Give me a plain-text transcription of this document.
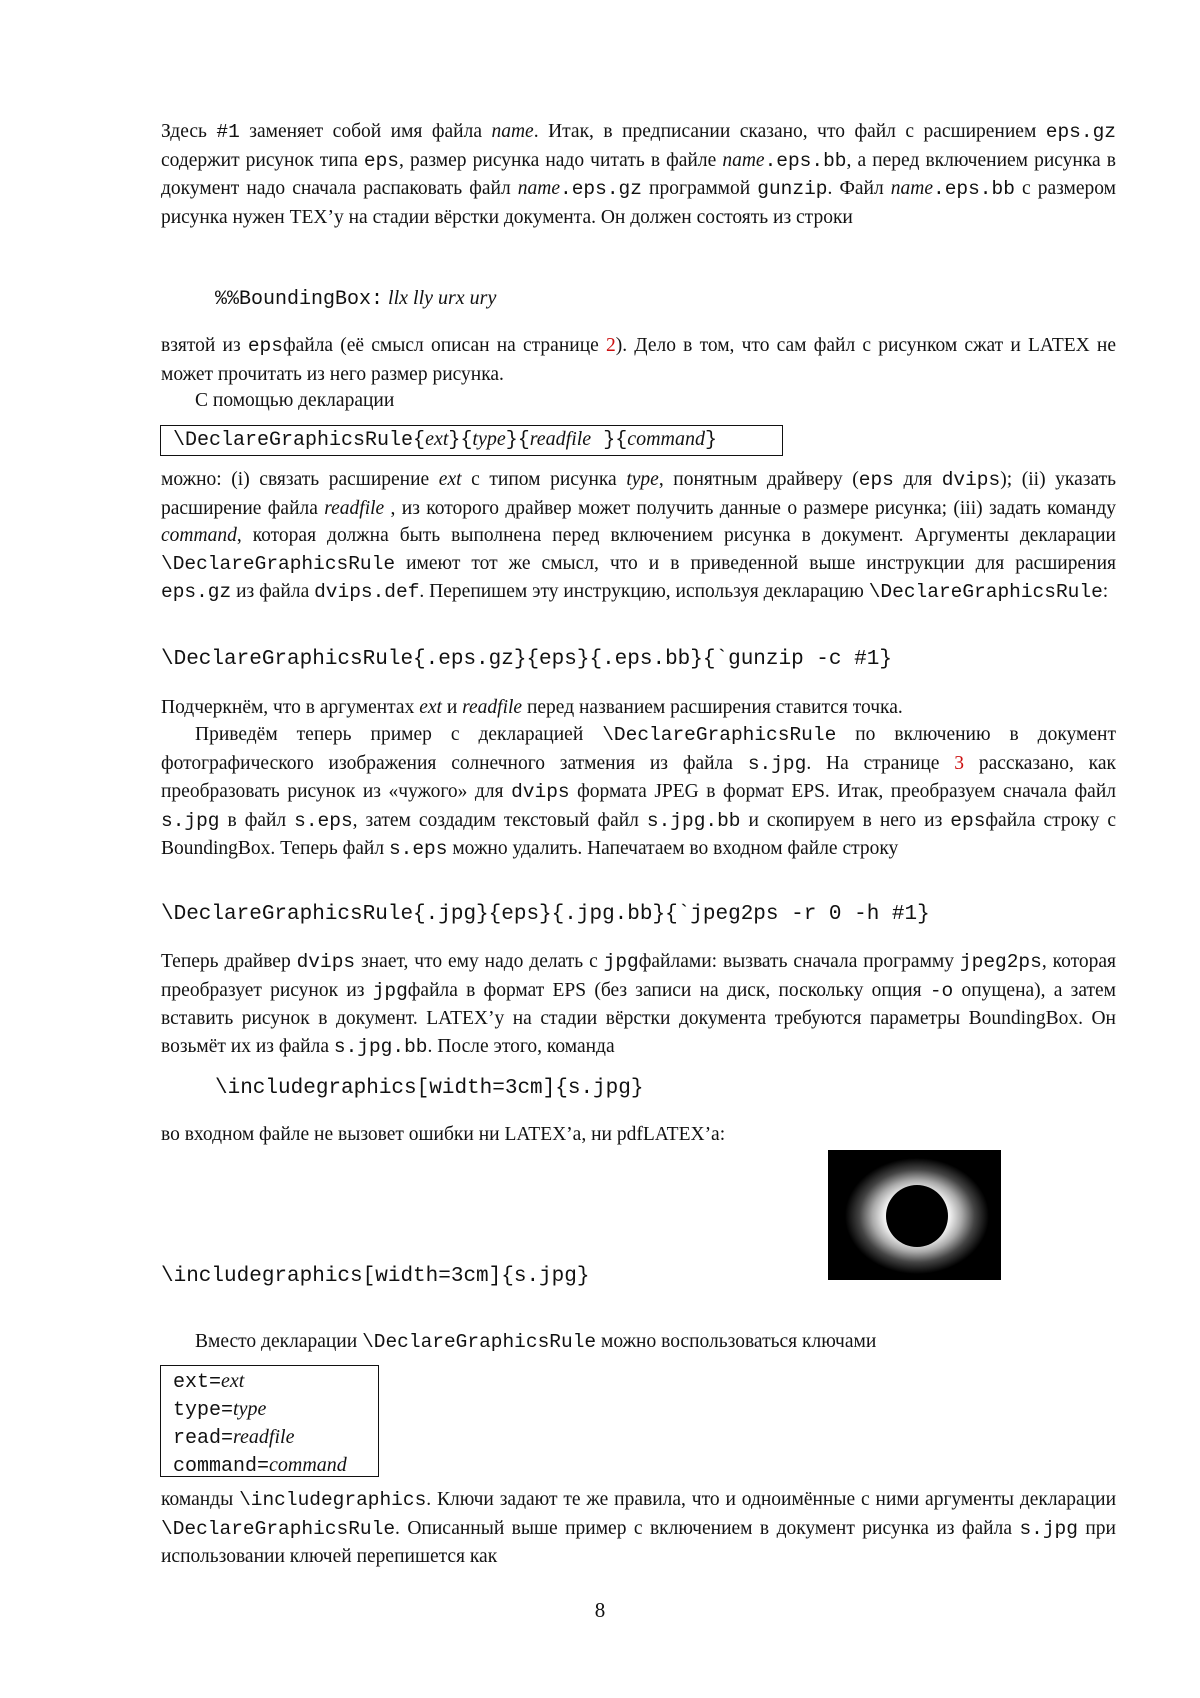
Здесь #1 заменяет собой имя файла name. Итак, в предписании сказано, что файл с расширением eps.gz содержит рисунок типа eps, размер рисунка надо читать в файле name.eps.bb, а перед включением рисунка в документ надо сначала распаковать файл name.eps.gz программой gunzip. Файл name.eps.bb с размером рисунка нужен TEX’у на стадии вёрстки документа. Он должен состоять из строки
%%BoundingBox: llx lly urx ury
взятой из epsфайла (её смысл описан на странице 2). Дело в том, что сам файл с рисунком сжат и LATEX не может прочитать из него размер рисунка.
С помощью декларации
\DeclareGraphicsRule{ext}{type}{readfile }{command}
можно: (i) связать расширение ext с типом рисунка type, понятным драйверу (eps для dvips); (ii) указать расширение файла readfile , из которого драйвер может получить данные о размере рисунка; (iii) задать команду command, которая должна быть выполнена перед включением рисунка в документ. Аргументы декларации \DeclareGraphicsRule имеют тот же смысл, что и в приведенной выше инструкции для расширения eps.gz из файла dvips.def. Перепишем эту инструкцию, используя декларацию \DeclareGraphicsRule:
\DeclareGraphicsRule{.eps.gz}{eps}{.eps.bb}{`gunzip -c #1}
Подчеркнём, что в аргументах ext и readfile перед названием расширения ставится точка.
Приведём теперь пример с декларацией \DeclareGraphicsRule по включению в документ фотографического изображения солнечного затмения из файла s.jpg. На странице 3 рассказано, как преобразовать рисунок из «чужого» для dvips формата JPEG в формат EPS. Итак, преобразуем сначала файл s.jpg в файл s.eps, затем создадим текстовый файл s.jpg.bb и скопируем в него из epsфайла строку с BoundingBox. Теперь файл s.eps можно удалить. Напечатаем во входном файле строку
\DeclareGraphicsRule{.jpg}{eps}{.jpg.bb}{`jpeg2ps -r 0 -h #1}
Теперь драйвер dvips знает, что ему надо делать с jpgфайлами: вызвать сначала программу jpeg2ps, которая преобразует рисунок из jpgфайла в формат EPS (без записи на диск, поскольку опция -o опущена), а затем вставить рисунок в документ. LATEX’у на стадии вёрстки документа требуются параметры BoundingBox. Он возьмёт их из файла s.jpg.bb. После этого, команда
\includegraphics[width=3cm]{s.jpg}
во входном файле не вызовет ошибки ни LATEX’а, ни pdfLATEX’а:
\includegraphics[width=3cm]{s.jpg}
Вместо декларации \DeclareGraphicsRule можно воспользоваться ключами
ext=ext
type=type
read=readfile
command=command
команды \includegraphics. Ключи задают те же правила, что и одноимённые с ними аргументы декларации \DeclareGraphicsRule. Описанный выше пример с включением в документ рисунка из файла s.jpg при использовании ключей перепишется как
8
